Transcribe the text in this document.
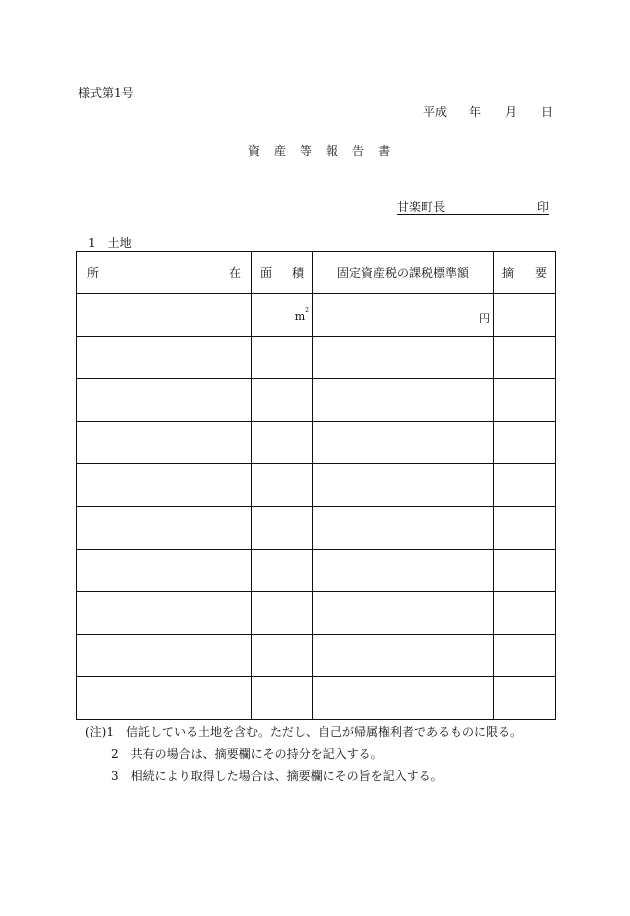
様式第1号
平成 年 月 日
資 産 等 報 告 書
甘楽町長	印
1 土地
所 在	面 積	固定資産税の課税標準額	摘 要

	$m^2$	円	

(注)1　信託している土地を含む。ただし、自己が帰属権利者であるものに限る。
2　共有の場合は、摘要欄にその持分を記入する。
3　相続により取得した場合は、摘要欄にその旨を記入する。
